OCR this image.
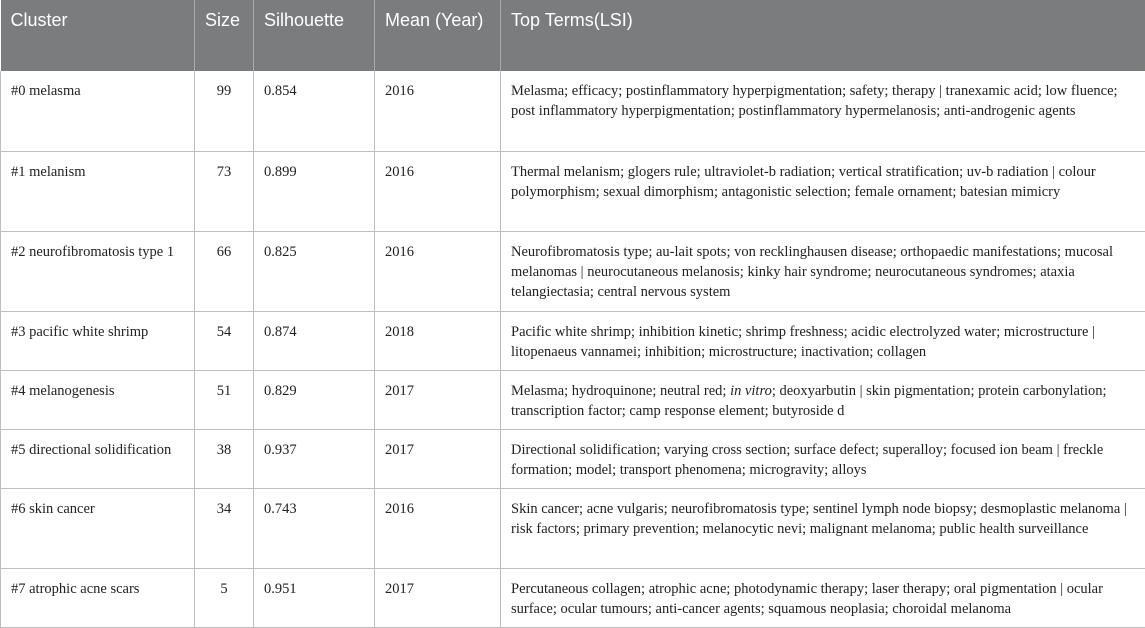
Cluster	Size	Silhouette	Mean (Year)	Top Terms(LSI)
#0 melasma	99	0.854	2016	Melasma; efficacy; postinflammatory hyperpigmentation; safety; therapy | tranexamic acid; low fluence; post inflammatory hyperpigmentation; postinflammatory hypermelanosis; anti-androgenic agents
#1 melanism	73	0.899	2016	Thermal melanism; glogers rule; ultraviolet-b radiation; vertical stratification; uv-b radiation | colour polymorphism; sexual dimorphism; antagonistic selection; female ornament; batesian mimicry
#2 neurofibromatosis type 1	66	0.825	2016	Neurofibromatosis type; au-lait spots; von recklinghausen disease; orthopaedic manifestations; mucosal melanomas | neurocutaneous melanosis; kinky hair syndrome; neurocutaneous syndromes; ataxia telangiectasia; central nervous system
#3 pacific white shrimp	54	0.874	2018	Pacific white shrimp; inhibition kinetic; shrimp freshness; acidic electrolyzed water; microstructure | litopenaeus vannamei; inhibition; microstructure; inactivation; collagen
#4 melanogenesis	51	0.829	2017	Melasma; hydroquinone; neutral red; in vitro; deoxyarbutin | skin pigmentation; protein carbonylation; transcription factor; camp response element; butyroside d
#5 directional solidification	38	0.937	2017	Directional solidification; varying cross section; surface defect; superalloy; focused ion beam | freckle formation; model; transport phenomena; microgravity; alloys
#6 skin cancer	34	0.743	2016	Skin cancer; acne vulgaris; neurofibromatosis type; sentinel lymph node biopsy; desmoplastic melanoma | risk factors; primary prevention; melanocytic nevi; malignant melanoma; public health surveillance
#7 atrophic acne scars	5	0.951	2017	Percutaneous collagen; atrophic acne; photodynamic therapy; laser therapy; oral pigmentation | ocular surface; ocular tumours; anti-cancer agents; squamous neoplasia; choroidal melanoma
